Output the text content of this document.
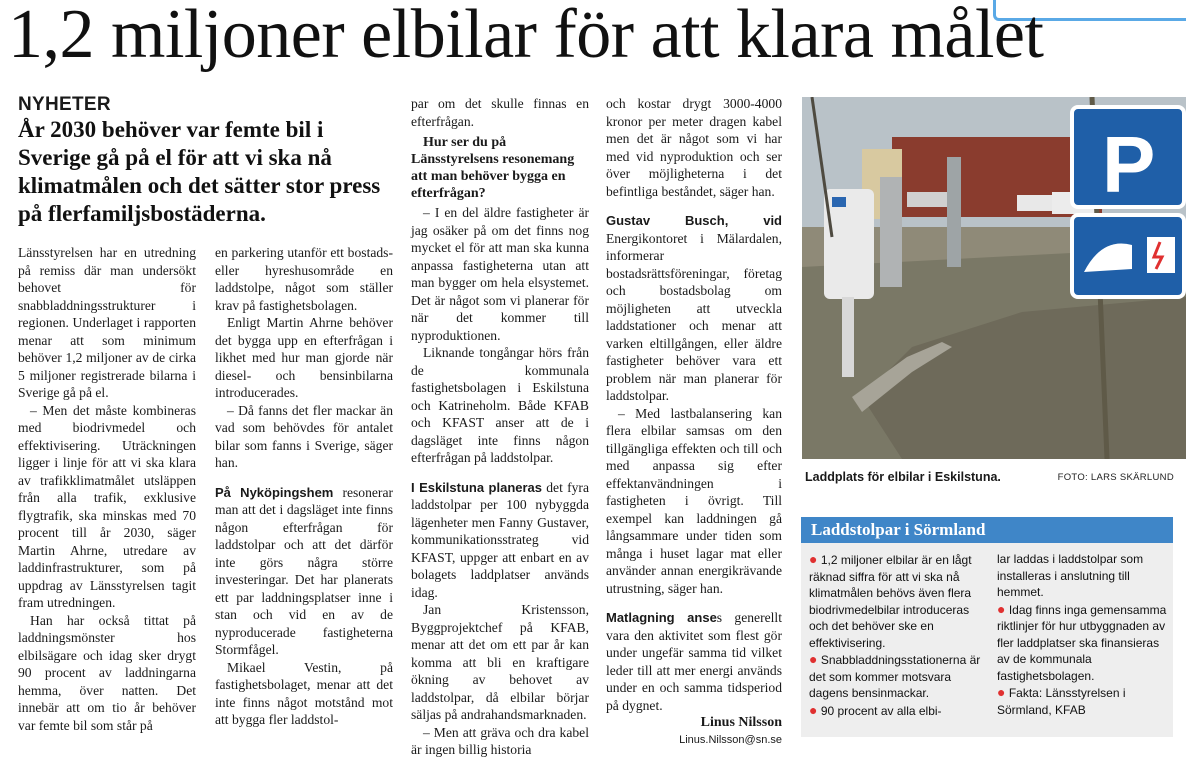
1,2 miljoner elbilar för att klara målet
NYHETER
År 2030 behöver var femte bil i Sverige gå på el för att vi ska nå klimatmålen och det sätter stor press på flerfamiljsbostäderna.

Länsstyrelsen har en utredning på remiss där man undersökt behovet för snabbladdningsstrukturer i regionen. Underlaget i rapporten menar att som minimum behöver 1,2 miljoner av de cirka 5 miljoner registrerade bilarna i Sverige gå på el.

– Men det måste kombineras med biodrivmedel och effektivisering. Uträckningen ligger i linje för att vi ska klara av trafikklimatmålet utsläppen från alla trafik, exklusive flygtrafik, ska minskas med 70 procent till år 2030, säger Martin Ahrne, utredare av laddinfrastrukturer, som på uppdrag av Länsstyrelsen tagit fram utredningen.

Han har också tittat på laddningsmönster hos elbilsägare och idag sker drygt 90 procent av laddningarna hemma, över natten. Det innebär att om tio år behöver var femte bil som står på

en parkering utanför ett bostads- eller hyreshusområde en laddstolpe, något som ställer krav på fastighetsbolagen.

Enligt Martin Ahrne behöver det bygga upp en efterfrågan i likhet med hur man gjorde när diesel- och bensinbilarna introducerades.

– Då fanns det fler mackar än vad som behövdes för antalet bilar som fanns i Sverige, säger han.

På Nyköpingshem resonerar man att det i dagsläget inte finns någon efterfrågan för laddstolpar och att det därför inte görs några större investeringar. Det har planerats ett par laddningsplatser inne i stan och vid en av de nyproducerade fastigheterna Stormfågel.

Mikael Vestin, på fastighetsbolaget, menar att det inte finns något motstånd mot att bygga fler laddstol-

par om det skulle finnas en efterfrågan.

Hur ser du på Länsstyrelsens resonemang att man behöver bygga en efterfrågan?

– I en del äldre fastigheter är jag osäker på om det finns nog mycket el för att man ska kunna anpassa fastigheterna utan att man bygger om hela elsystemet. Det är något som vi planerar för när det kommer till nyproduktionen.

Liknande tongångar hörs från de kommunala fastighetsbolagen i Eskilstuna och Katrineholm. Både KFAB och KFAST anser att de i dagsläget inte finns någon efterfrågan på laddstolpar.

I Eskilstuna planeras det fyra laddstolpar per 100 nybyggda lägenheter men Fanny Gustaver, kommunikationsstrateg vid KFAST, uppger att enbart en av bolagets laddplatser används idag.

Jan Kristensson, Byggprojektchef på KFAB, menar att det om ett par år kan komma att bli en kraftigare ökning av behovet av laddstolpar, då elbilar börjar säljas på andrahandsmarknaden.

– Men att gräva och dra kabel är ingen billig historia

och kostar drygt 3000-4000 kronor per meter dragen kabel men det är något som vi har med vid nyproduktion och ser över möjligheterna i det befintliga beståndet, säger han.

Gustav Busch, vid Energikontoret i Mälardalen, informerar bostadsrättsföreningar, företag och bostadsbolag om möjligheten att utveckla laddstationer och menar att varken eltillgången, eller äldre fastigheter behöver vara ett problem när man planerar för laddstolpar.

– Med lastbalansering kan flera elbilar samsas om den tillgängliga effekten och till och med anpassa sig efter effektanvändningen i fastigheten i övrigt. Till exempel kan laddningen gå långsammare under tiden som många i huset lagar mat eller använder annan energikrävande utrustning, säger han.

Matlagning anses generellt vara den aktivitet som flest gör under ungefär samma tid vilket leder till att mer energi används under en och samma tidsperiod på dygnet.

Linus Nilsson
Linus.Nilsson@sn.se
P
Laddplats för elbilar i Eskilstuna.	FOTO: LARS SKÄRLUND
Laddstolpar i Sörmland
● 1,2 miljoner elbilar är en lågt räknad siffra för att vi ska nå klimatmålen behövs även flera biodrivmedelbilar introduceras och det behöver ske en effektivisering.
● Snabbladdningsstationerna är det som kommer motsvara dagens bensinmackar.
● 90 procent av alla elbi-
lar laddas i laddstolpar som installeras i anslutning till hemmet.
● Idag finns inga gemensamma riktlinjer för hur utbyggnaden av fler laddplatser ska finansieras av de kommunala fastighetsbolagen.
● Fakta: Länsstyrelsen i Sörmland, KFAB
